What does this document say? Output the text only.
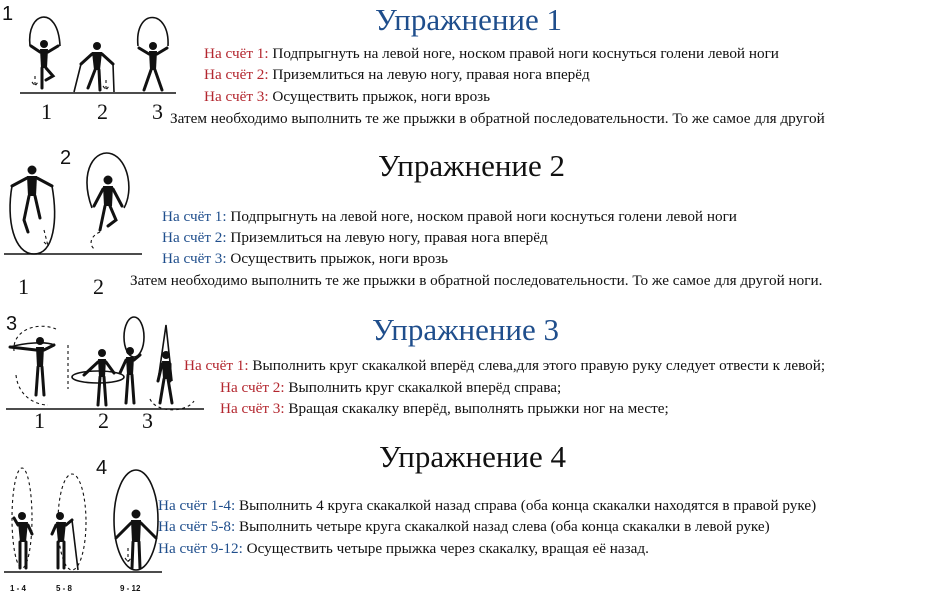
1
1 2 3
Упражнение 1
На счёт 1: Подпрыгнуть на левой ноге, носком правой ноги коснуться голени левой ноги
На счёт 2: Приземлиться на левую ногу, правая нога вперёд
На счёт 3: Осуществить прыжок, ноги врозь
Затем необходимо выполнить те же прыжки в обратной последовательности. То же самое для другой
2
1	2
Упражнение 2
На счёт 1: Подпрыгнуть на левой ноге, носком правой ноги коснуться голени левой ноги
На счёт 2: Приземлиться на левую ногу, правая нога вперёд
На счёт 3: Осуществить прыжок, ноги врозь
Затем необходимо выполнить те же прыжки в обратной последовательности. То же самое для другой ноги.
3
1 2 3
Упражнение 3
На счёт 1: Выполнить круг скакалкой вперёд слева,для этого правую руку следует отвести к левой;
На счёт 2: Выполнить круг скакалкой вперёд справа;
На счёт 3: Вращая скакалку вперёд, выполнять прыжки ног на месте;
4
1 - 4	5 - 8	9 - 12
Упражнение 4
На счёт 1-4: Выполнить 4 круга скакалкой назад справа (оба конца скакалки находятся в правой руке)
На счёт 5-8: Выполнить четыре круга скакалкой назад слева (оба конца скакалки в левой руке)
На счёт 9-12: Осуществить четыре прыжка через скакалку, вращая её назад.
